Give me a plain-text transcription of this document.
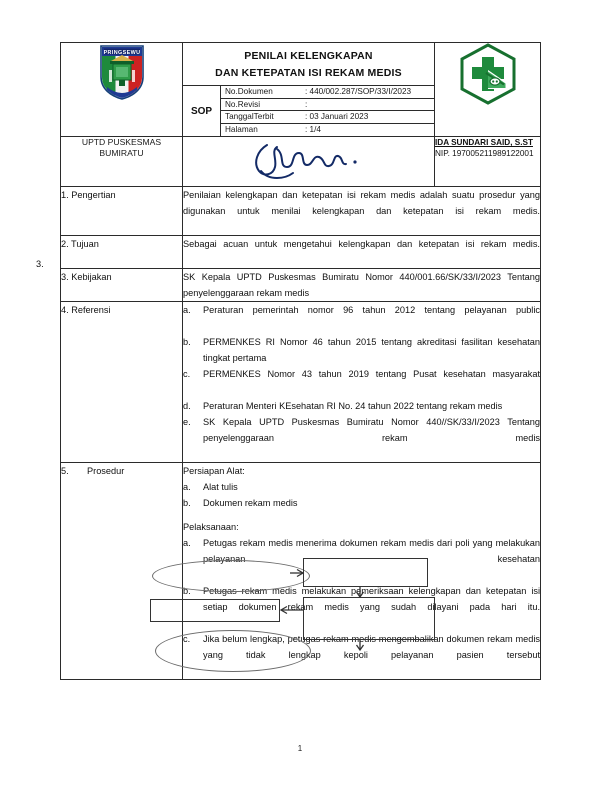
PRINGSEWU	PENILAI KELENGKAPAN
DAN KETEPATAN ISI REKAM MEDIS
SOP
No.Dokumen	: 440/002.287/SOP/33/I/2023
No.Revisi	:
TanggalTerbit	: 03 Januari 2023
Halaman	: 1/4

UPTD PUSKESMAS
BUMIRATU

IDA SUNDARI SAID, S.ST
NIP. 197005211989122001

1. Pengertian	Penilaian kelengkapan dan ketepatan isi rekam medis adalah suatu prosedur yang digunakan untuk menilai kelengkapan dan ketepatan isi rekam medis.	

2. Tujuan	Sebagai acuan untuk mengetahui kelengkapan dan ketepatan isi rekam medis.	

3. Kebijakan	SK Kepala UPTD Puskesmas Bumiratu Nomor 440/001.66/SK/33/I/2023 Tentang penyelenggaraan rekam medis	

4. Referensi	a.	Peraturan pemerintah nomor 96 tahun 2012 tentang pelayanan public
b.	PERMENKES RI Nomor 46 tahun 2015 tentang akreditasi fasilitan kesehatan tingkat pertama
c.	PERMENKES Nomor 43 tahun 2019 tentang Pusat kesehatan masyarakat
d.	Peraturan Menteri KEsehatan RI No. 24 tahun 2022 tentang rekam medis
e.	SK Kepala UPTD Puskesmas Bumiratu Nomor 440//SK/33/I/2023 Tentang penyelenggaraan rekam medis

5.	Prosedur	Persiapan Alat:

a.	Alat tulis
b.	Dokumen rekam medis

Pelaksanaan:

a.	Petugas rekam medis menerima dokumen rekam medis dari poli yang melakukan pelayanan kesehatan
b.	Petugas rekam medis melakukan pemeriksaan kelengkapan dan ketepatan isi setiap dokumen rekam medis yang sudah dilayani pada hari itu.
c.	Jika belum lengkap, petugas rekam medis mengembalikan dokumen rekam medis yang tidak lengkap kepoli pelayanan pasien tersebut
3.
1
